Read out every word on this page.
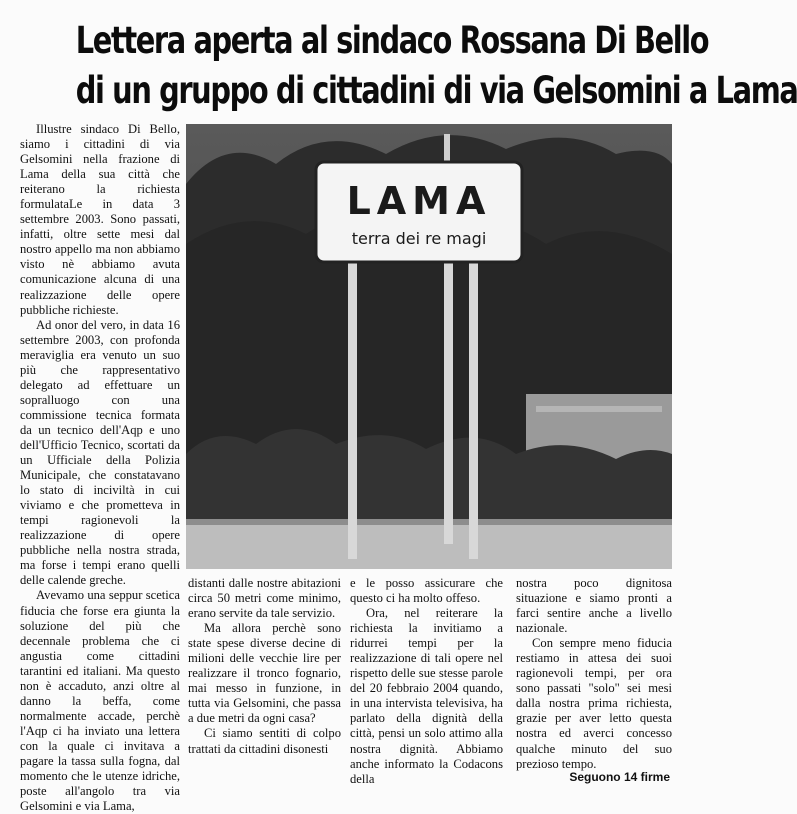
Lettera aperta al sindaco Rossana Di Bello
di un gruppo di cittadini di via Gelsomini a Lama

Illustre sindaco Di Bello, siamo i cittadini di via Gelsomini nella frazione di Lama della sua città che reiterano la richiesta formulataLe in data 3 settembre 2003. Sono passati, infatti, oltre sette mesi dal nostro appello ma non abbiamo visto nè abbiamo avuta comunicazione alcuna di una realizzazione delle opere pubbliche richieste.

Ad onor del vero, in data 16 settembre 2003, con profonda meraviglia era venuto un suo più che rappresentativo delegato ad effettuare un sopralluogo con una commissione tecnica formata da un tecnico dell'Aqp e uno dell'Ufficio Tecnico, scortati da un Ufficiale della Polizia Municipale, che constatavano lo stato di inciviltà in cui viviamo e che prometteva in tempi ragionevoli la realizzazione di opere pubbliche nella nostra strada, ma forse i tempi erano quelli delle calende greche.

Avevamo una seppur scetica fiducia che forse era giunta la soluzione del più che decennale problema che ci angustia come cittadini tarantini ed italiani. Ma questo non è accaduto, anzi oltre al danno la beffa, come normalmente accade, perchè l'Aqp ci ha inviato una lettera con la quale ci invitava a pagare la tassa sulla fogna, dal momento che le utenze idriche, poste all'angolo tra via Gelsomini e via Lama,

LAMA
terra dei re magi

distanti dalle nostre abitazioni circa 50 metri come minimo, erano servite da tale servizio.

Ma allora perchè sono state spese diverse decine di milioni delle vecchie lire per realizzare il tronco fognario, mai messo in funzione, in tutta via Gelsomini, che passa a due metri da ogni casa?

Ci siamo sentiti di colpo trattati da cittadini disonesti

e le posso assicurare che questo ci ha molto offeso.

Ora, nel reiterare la richiesta la invitiamo a ridurrei tempi per la realizzazione di tali opere nel rispetto delle sue stesse parole del 20 febbraio 2004 quando, in una intervista televisiva, ha parlato della dignità della città, pensi un solo attimo alla nostra dignità. Abbiamo anche informato la Codacons della

nostra poco dignitosa situazione e siamo pronti a farci sentire anche a livello nazionale.

Con sempre meno fiducia restiamo in attesa dei suoi ragionevoli tempi, per ora sono passati "solo" sei mesi dalla nostra prima richiesta, grazie per aver letto questa nostra ed averci concesso qualche minuto del suo prezioso tempo.

Seguono 14 firme
